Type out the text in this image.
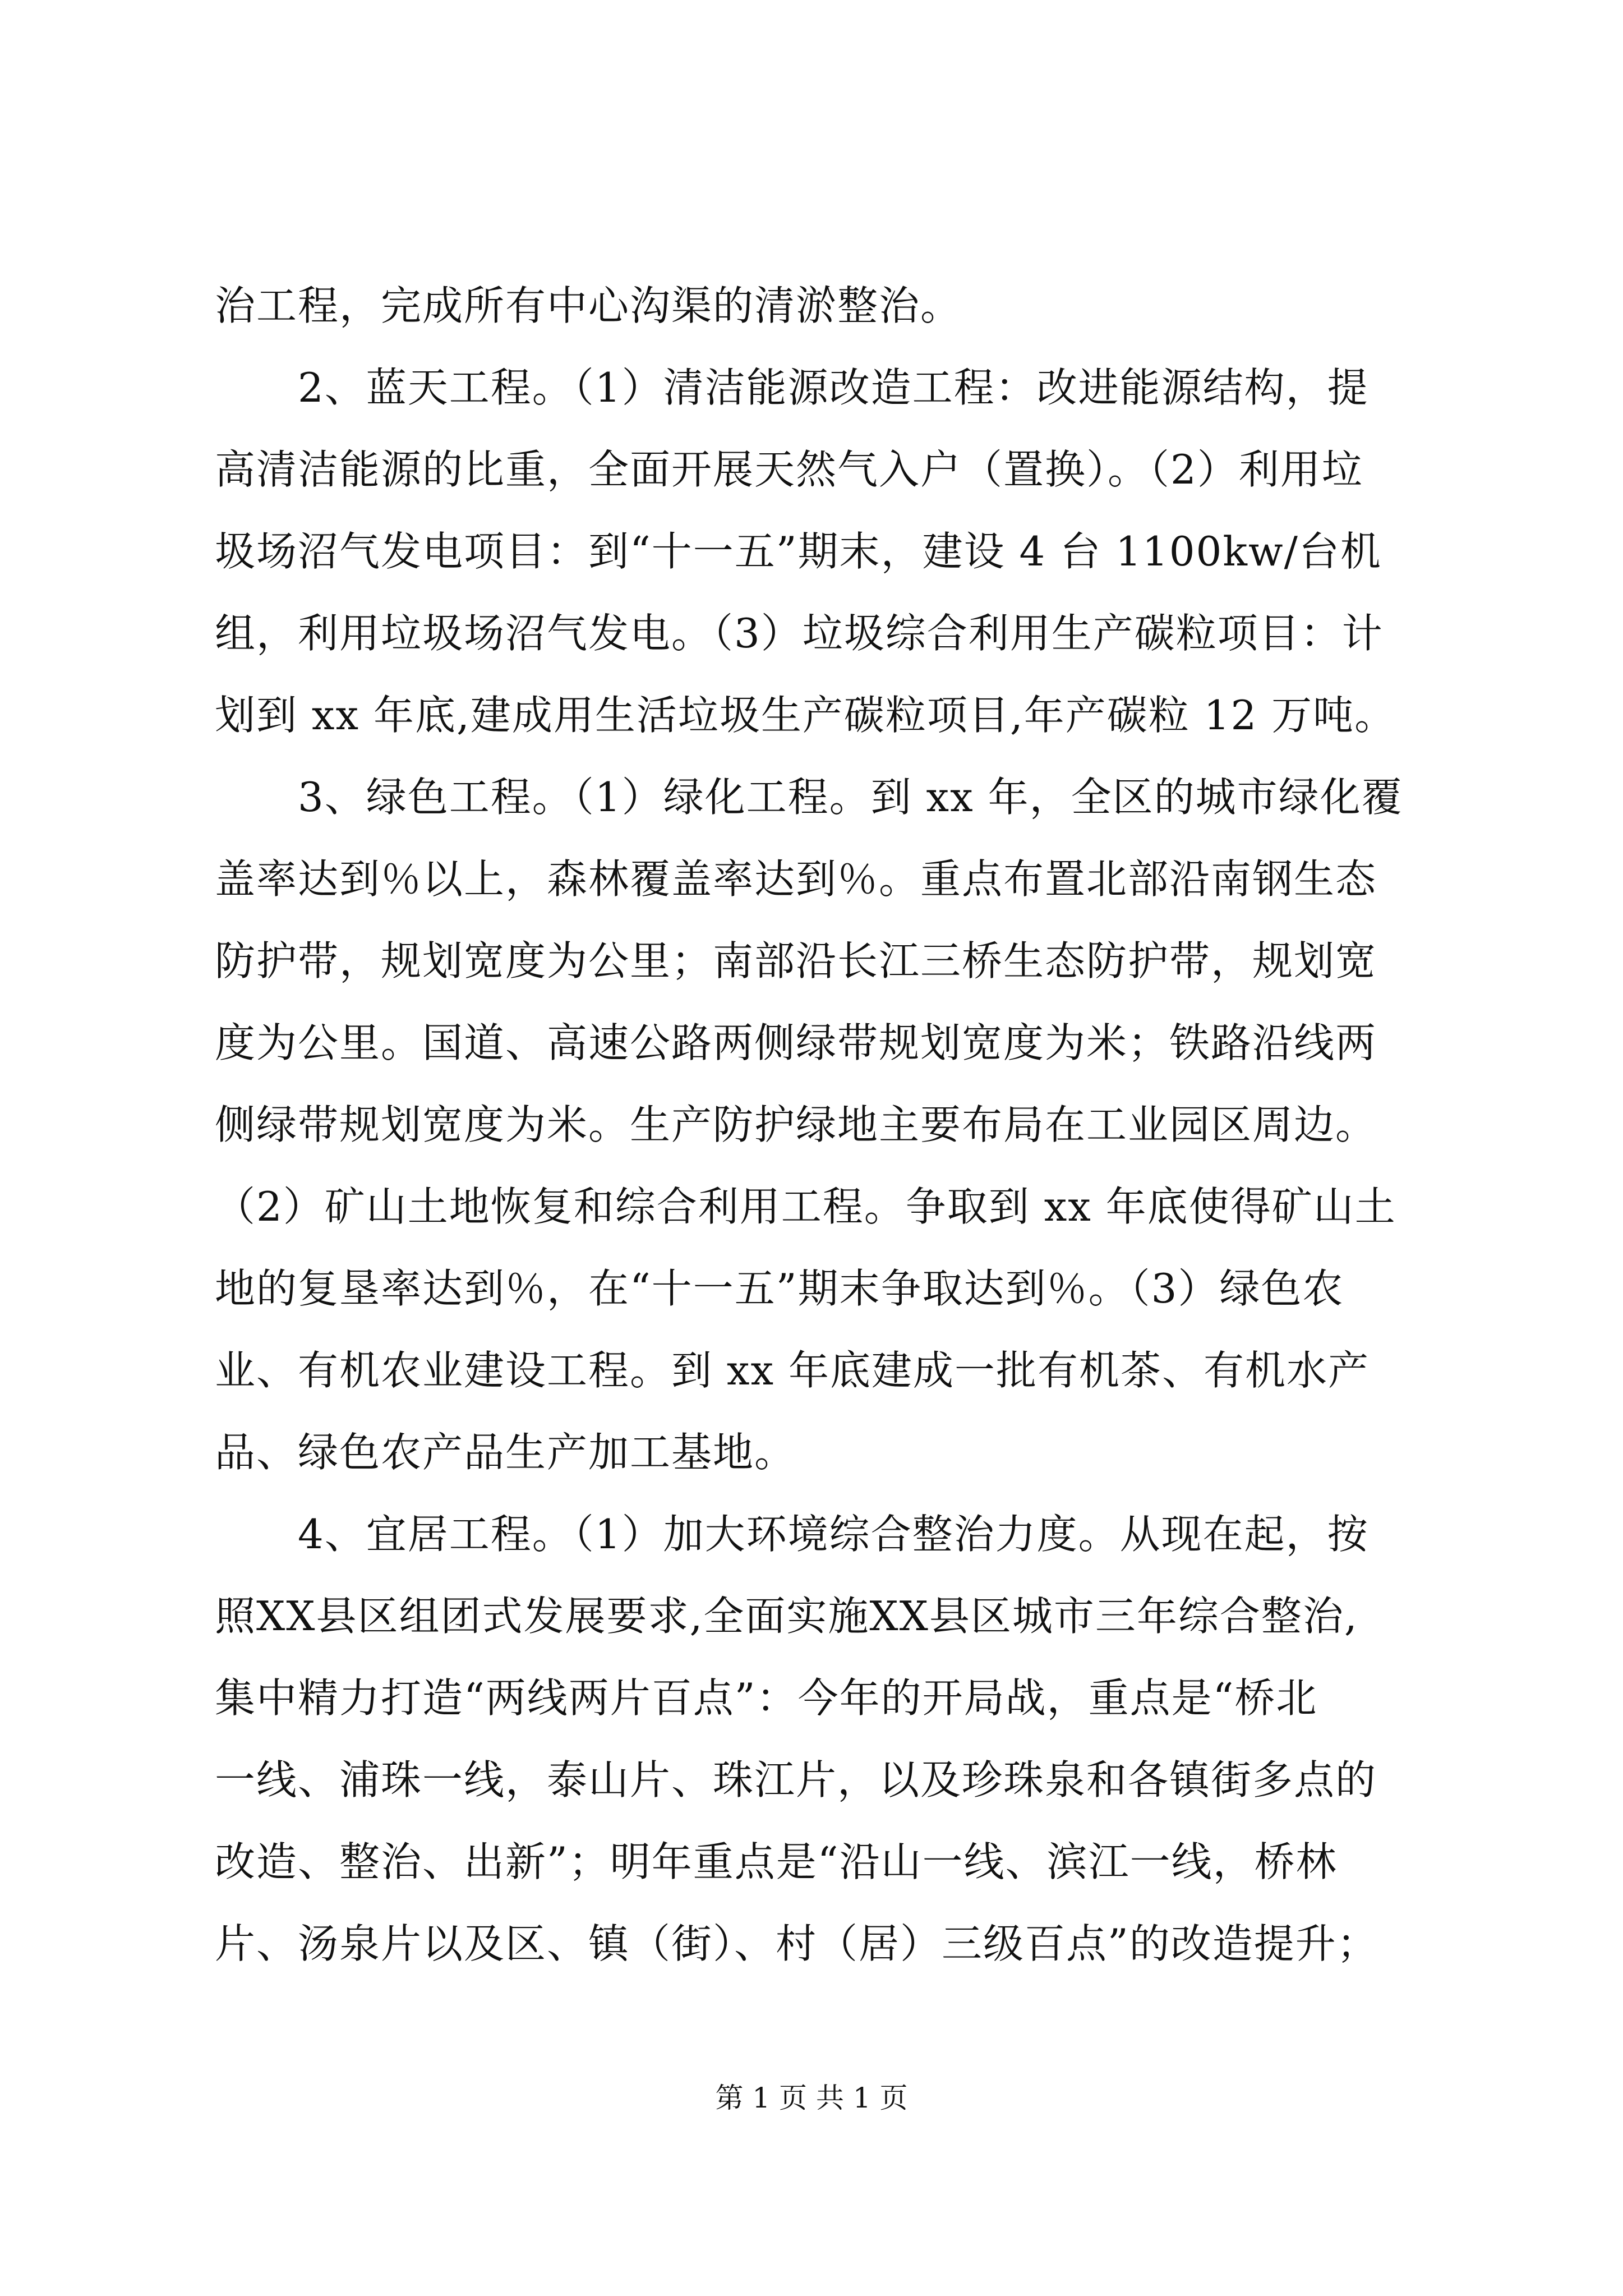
治工程，完成所有中心沟渠的清淤整治。
　　2、蓝天工程。（1）清洁能源改造工程：改进能源结构，提
高清洁能源的比重，全面开展天然气入户（置换）。（2）利用垃
圾场沼气发电项目：到“十一五”期末，建设 4 台 1100kw/台机
组，利用垃圾场沼气发电。（3）垃圾综合利用生产碳粒项目：计
划到 xx 年底,建成用生活垃圾生产碳粒项目,年产碳粒 12 万吨。
　　3、绿色工程。（1）绿化工程。到 xx 年，全区的城市绿化覆
盖率达到％以上，森林覆盖率达到％。重点布置北部沿南钢生态
防护带，规划宽度为公里；南部沿长江三桥生态防护带，规划宽
度为公里。国道、高速公路两侧绿带规划宽度为米；铁路沿线两
侧绿带规划宽度为米。生产防护绿地主要布局在工业园区周边。
（2）矿山土地恢复和综合利用工程。争取到 xx 年底使得矿山土
地的复垦率达到％，在“十一五”期末争取达到％。（3）绿色农
业、有机农业建设工程。到 xx 年底建成一批有机茶、有机水产
品、绿色农产品生产加工基地。
　　4、宜居工程。（1）加大环境综合整治力度。从现在起，按
照XX县区组团式发展要求,全面实施XX县区城市三年综合整治,
集中精力打造“两线两片百点”：今年的开局战，重点是“桥北
一线、浦珠一线，泰山片、珠江片，以及珍珠泉和各镇街多点的
改造、整治、出新”；明年重点是“沿山一线、滨江一线，桥林
片、汤泉片以及区、镇（街）、村（居）三级百点”的改造提升；
第 1 页 共 1 页
